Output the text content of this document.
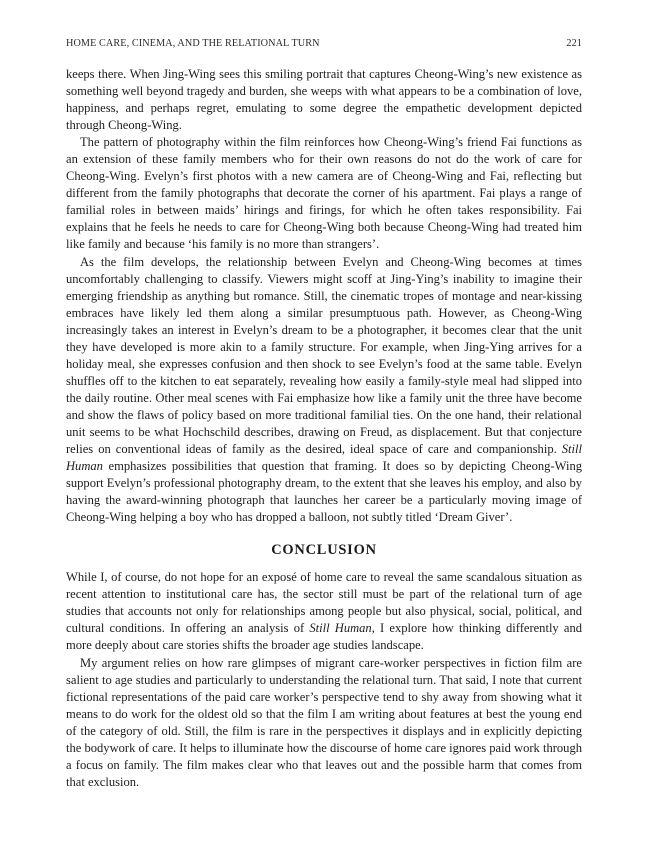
HOME CARE, CINEMA, AND THE RELATIONAL TURN	221

keeps there. When Jing-Wing sees this smiling portrait that captures Cheong-Wing’s new existence as something well beyond tragedy and burden, she weeps with what appears to be a combination of love, happiness, and perhaps regret, emulating to some degree the empathetic development depicted through Cheong-Wing.

The pattern of photography within the film reinforces how Cheong-Wing’s friend Fai functions as an extension of these family members who for their own reasons do not do the work of care for Cheong-Wing. Evelyn’s first photos with a new camera are of Cheong-Wing and Fai, reflecting but different from the family photographs that decorate the corner of his apartment. Fai plays a range of familial roles in between maids’ hirings and firings, for which he often takes responsibility. Fai explains that he feels he needs to care for Cheong-Wing both because Cheong-Wing had treated him like family and because ‘his family is no more than strangers’.

As the film develops, the relationship between Evelyn and Cheong-Wing becomes at times uncomfortably challenging to classify. Viewers might scoff at Jing-Ying’s inability to imagine their emerging friendship as anything but romance. Still, the cinematic tropes of montage and near-kissing embraces have likely led them along a similar presumptuous path. However, as Cheong-Wing increasingly takes an interest in Evelyn’s dream to be a photographer, it becomes clear that the unit they have developed is more akin to a family structure. For example, when Jing-Ying arrives for a holiday meal, she expresses confusion and then shock to see Evelyn’s food at the same table. Evelyn shuffles off to the kitchen to eat separately, revealing how easily a family-style meal had slipped into the daily routine. Other meal scenes with Fai emphasize how like a family unit the three have become and show the flaws of policy based on more traditional familial ties. On the one hand, their relational unit seems to be what Hochschild describes, drawing on Freud, as displacement. But that conjecture relies on conventional ideas of family as the desired, ideal space of care and companionship. Still Human emphasizes possibilities that question that framing. It does so by depicting Cheong-Wing support Evelyn’s professional photography dream, to the extent that she leaves his employ, and also by having the award-winning photograph that launches her career be a particularly moving image of Cheong-Wing helping a boy who has dropped a balloon, not subtly titled ‘Dream Giver’.

CONCLUSION

While I, of course, do not hope for an exposé of home care to reveal the same scandalous situation as recent attention to institutional care has, the sector still must be part of the relational turn of age studies that accounts not only for relationships among people but also physical, social, political, and cultural conditions. In offering an analysis of Still Human, I explore how thinking differently and more deeply about care stories shifts the broader age studies landscape.

My argument relies on how rare glimpses of migrant care-worker perspectives in fiction film are salient to age studies and particularly to understanding the relational turn. That said, I note that current fictional representations of the paid care worker’s perspective tend to shy away from showing what it means to do work for the oldest old so that the film I am writing about features at best the young end of the category of old. Still, the film is rare in the perspectives it displays and in explicitly depicting the bodywork of care. It helps to illuminate how the discourse of home care ignores paid work through a focus on family. The film makes clear who that leaves out and the possible harm that comes from that exclusion.
